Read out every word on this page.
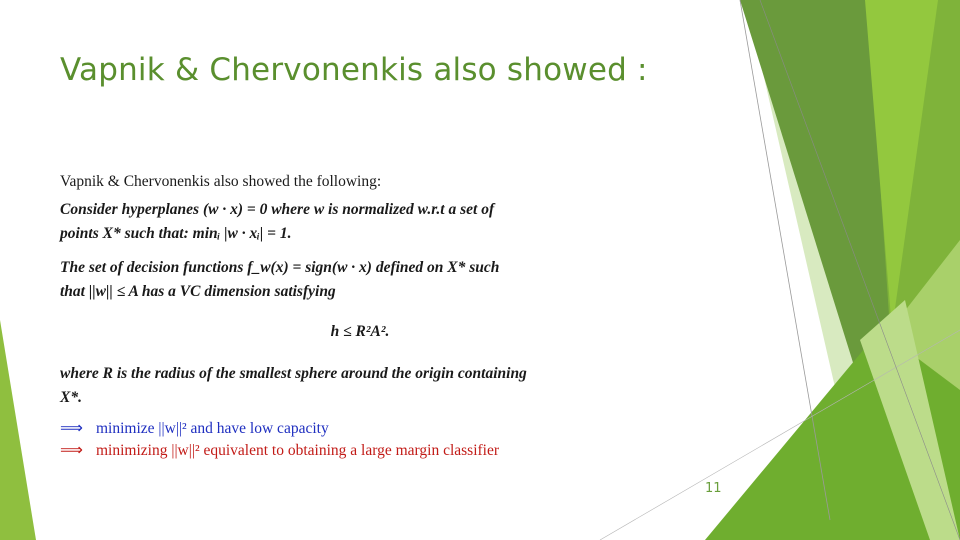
Vapnik & Chervonenkis also showed :

Vapnik & Chervonenkis also showed the following:

Consider hyperplanes (w · x) = 0 where w is normalized w.r.t a set of

points X* such that: minᵢ |w · xᵢ| = 1.

The set of decision functions f_w(x) = sign(w · x) defined on X* such

that ||w|| ≤ A has a VC dimension satisfying

h ≤ R²A².

where R is the radius of the smallest sphere around the origin containing

X*.

⟹ minimize ||w||² and have low capacity
⟹ minimizing ||w||² equivalent to obtaining a large margin classifier
11
